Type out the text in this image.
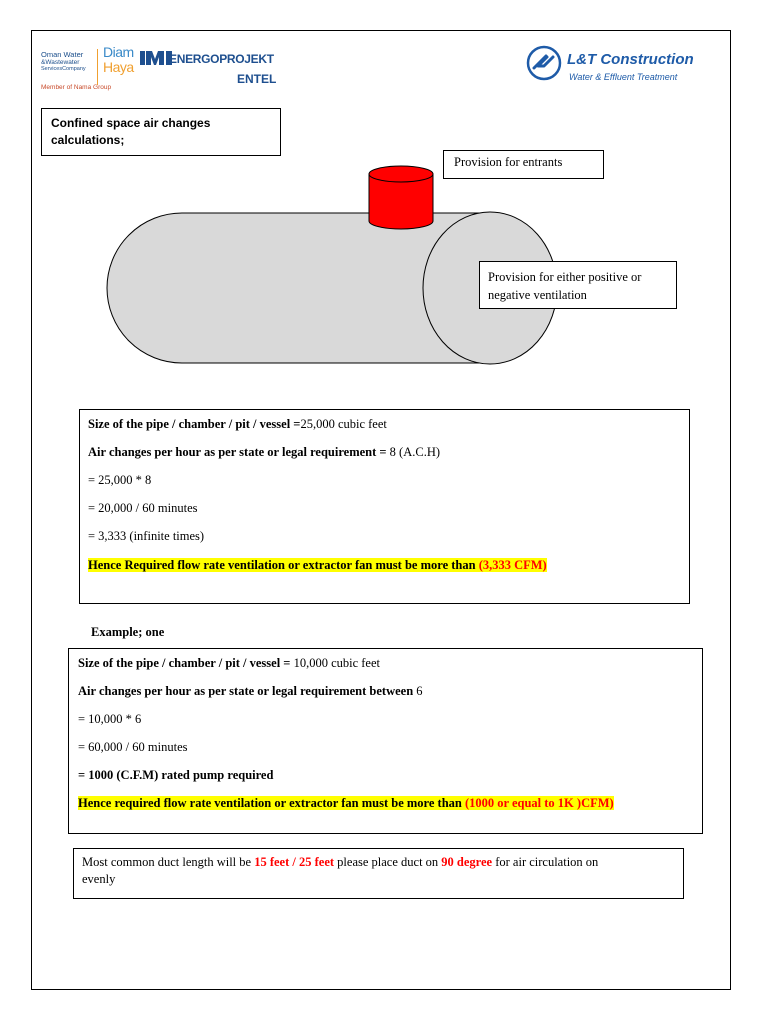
Oman Water
&Wastewater
ServicesCompany
Member of Nama Group
Diam
Haya	ENERGOPROJEKT
ENTEL
L&T Construction
Water & Effluent Treatment
Confined space air changes
calculations;
Provision for entrants
Provision for either positive or
negative ventilation
Size of the pipe / chamber / pit / vessel =25,000 cubic feet
Air changes per hour as per state or legal requirement = 8 (A.C.H)
= 25,000 * 8
= 20,000 / 60 minutes
= 3,333 (infinite times)
Hence Required flow rate ventilation or extractor fan must be more than (3,333 CFM)
Example; one
Size of the pipe / chamber / pit / vessel = 10,000 cubic feet
Air changes per hour as per state or legal requirement between 6
= 10,000 * 6
= 60,000 / 60 minutes
= 1000 (C.F.M) rated pump required
Hence required flow rate ventilation or extractor fan must be more than (1000 or equal to 1K )CFM)
Most common duct length will be 15 feet / 25 feet please place duct on 90 degree for air circulation on
evenly
